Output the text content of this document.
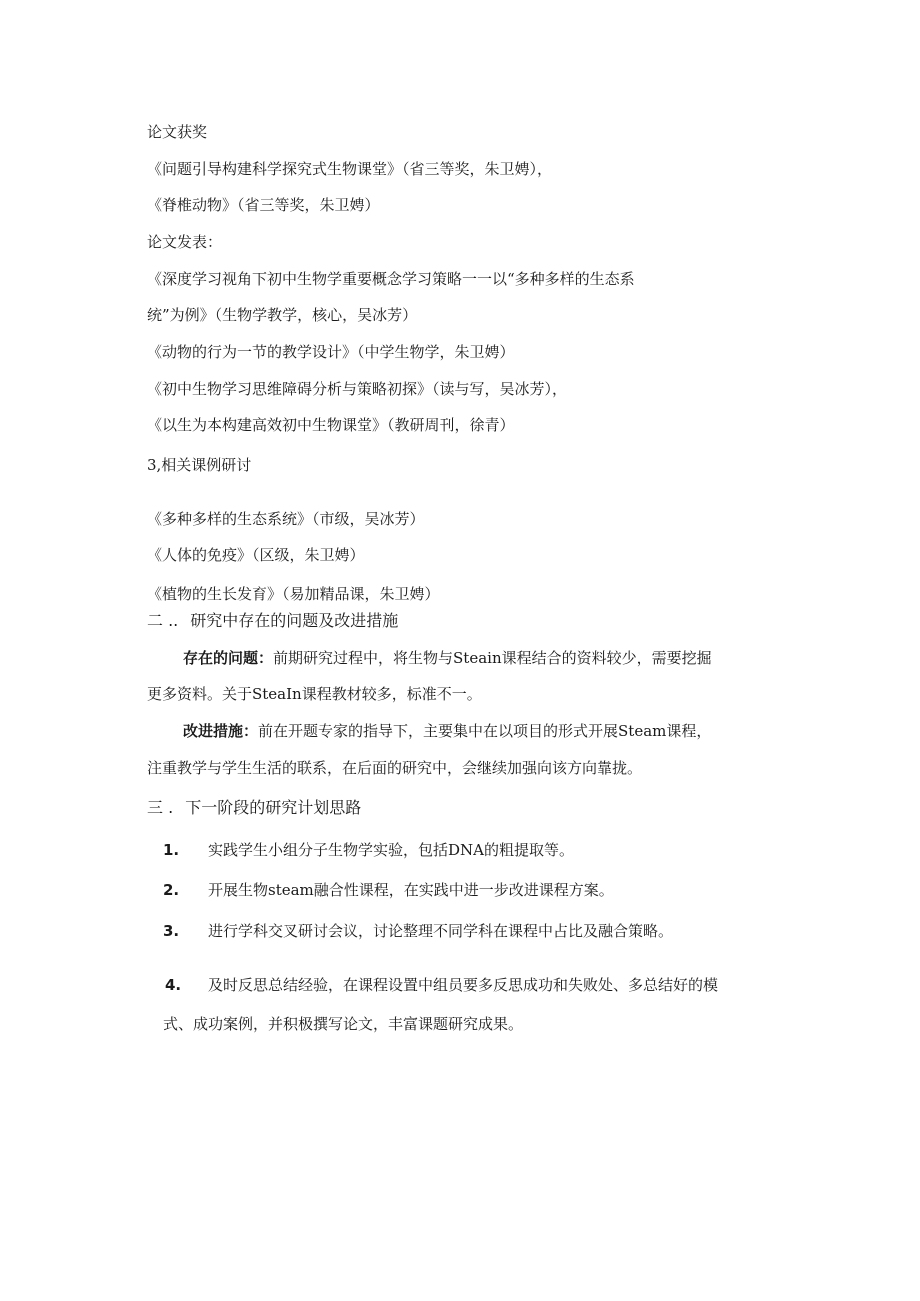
论文获奖
《问题引导构建科学探究式生物课堂》（省三等奖，朱卫娉），
《脊椎动物》（省三等奖，朱卫娉）
论文发表：
《深度学习视角下初中生物学重要概念学习策略一一以“多种多样的生态系
统”为例》（生物学教学，核心，吴冰芳）
《动物的行为一节的教学设计》（中学生物学，朱卫娉）
《初中生物学习思维障碍分析与策略初探》（读与写，吴冰芳），
《以生为本构建高效初中生物课堂》（教研周刊，徐青）
3,相关课例研讨
《多种多样的生态系统》（市级，吴冰芳）
《人体的免疫》（区级，朱卫娉）
《植物的生长发育》（易加精品课，朱卫娉）
二 .. 研究中存在的问题及改进措施
存在的问题：前期研究过程中，将生物与Steain课程结合的资料较少，需要挖掘
更多资料。关于SteaIn课程教材较多，标准不一。
改进措施：前在开题专家的指导下，主要集中在以项目的形式开展Steam课程，
注重教学与学生生活的联系，在后面的研究中，会继续加强向该方向靠拢。
三 . 下一阶段的研究计划思路
1. 实践学生小组分子生物学实验，包括DNA的粗提取等。
2. 开展生物steam融合性课程，在实践中进一步改进课程方案。
3. 进行学科交叉研讨会议，讨论整理不同学科在课程中占比及融合策略。
4. 及时反思总结经验，在课程设置中组员要多反思成功和失败处、多总结好的模
式、成功案例，并积极撰写论文，丰富课题研究成果。
